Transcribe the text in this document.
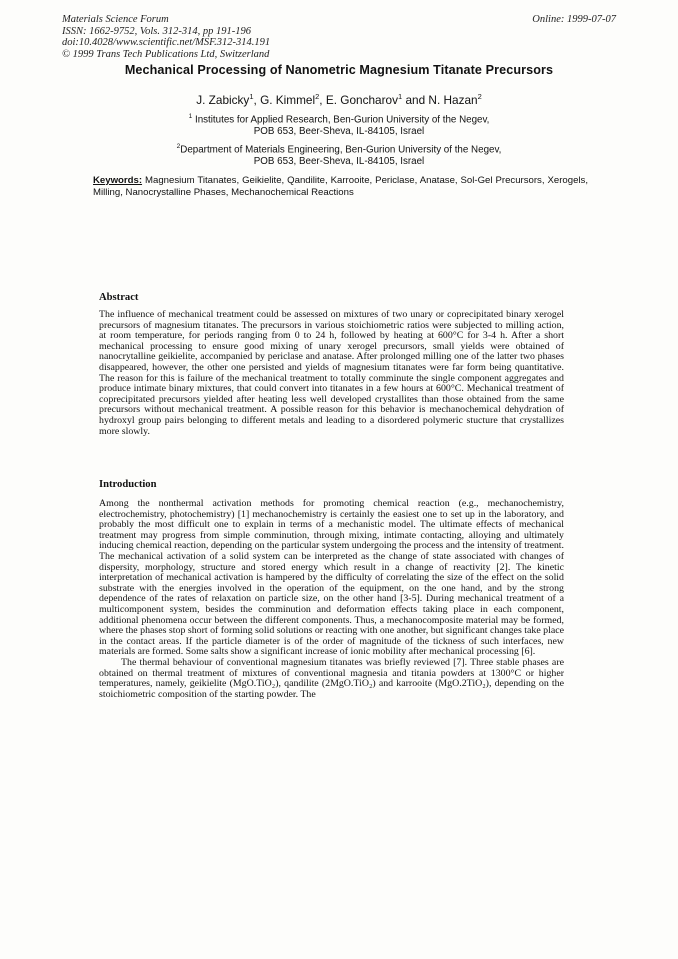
Materials Science Forum
ISSN: 1662-9752, Vols. 312-314, pp 191-196
doi:10.4028/www.scientific.net/MSF.312-314.191
© 1999 Trans Tech Publications Ltd, Switzerland
Online: 1999-07-07
Mechanical Processing of Nanometric Magnesium Titanate Precursors
J. Zabicky$^1$, G. Kimmel$^2$, E. Goncharov$^1$ and N. Hazan$^2$
$^1$ Institutes for Applied Research, Ben-Gurion University of the Negev,
POB 653, Beer-Sheva, IL-84105, Israel
$^2$Department of Materials Engineering, Ben-Gurion University of the Negev,
POB 653, Beer-Sheva, IL-84105, Israel
Keywords: Magnesium Titanates, Geikielite, Qandilite, Karrooite, Periclase, Anatase, Sol-Gel Precursors, Xerogels, Milling, Nanocrystalline Phases, Mechanochemical Reactions
Abstract

The influence of mechanical treatment could be assessed on mixtures of two unary or coprecipitated binary xerogel precursors of magnesium titanates. The precursors in various stoichiometric ratios were subjected to milling action, at room temperature, for periods ranging from 0 to 24 h, followed by heating at 600°C for 3-4 h. After a short mechanical processing to ensure good mixing of unary xerogel precursors, small yields were obtained of nanocrytalline geikielite, accompanied by periclase and anatase. After prolonged milling one of the latter two phases disappeared, however, the other one persisted and yields of magnesium titanates were far form being quantitative. The reason for this is failure of the mechanical treatment to totally comminute the single component aggregates and produce intimate binary mixtures, that could convert into titanates in a few hours at 600°C. Mechanical treatment of coprecipitated precursors yielded after heating less well developed crystallites than those obtained from the same precursors without mechanical treatment. A possible reason for this behavior is mechanochemical dehydration of hydroxyl group pairs belonging to different metals and leading to a disordered polymeric stucture that crystallizes more slowly.

Introduction

Among the nonthermal activation methods for promoting chemical reaction (e.g., mechanochemistry, electrochemistry, photochemistry) [1] mechanochemistry is certainly the easiest one to set up in the laboratory, and probably the most difficult one to explain in terms of a mechanistic model. The ultimate effects of mechanical treatment may progress from simple comminution, through mixing, intimate contacting, alloying and ultimately inducing chemical reaction, depending on the particular system undergoing the process and the intensity of treatment. The mechanical activation of a solid system can be interpreted as the change of state associated with changes of dispersity, morphology, structure and stored energy which result in a change of reactivity [2]. The kinetic interpretation of mechanical activation is hampered by the difficulty of correlating the size of the effect on the solid substrate with the energies involved in the operation of the equipment, on the one hand, and by the strong dependence of the rates of relaxation on particle size, on the other hand [3-5]. During mechanical treatment of a multicomponent system, besides the comminution and deformation effects taking place in each component, additional phenomena occur between the different components. Thus, a mechanocomposite material may be formed, where the phases stop short of forming solid solutions or reacting with one another, but significant changes take place in the contact areas. If the particle diameter is of the order of magnitude of the tickness of such interfaces, new materials are formed. Some salts show a significant increase of ionic mobility after mechanical processing [6].

The thermal behaviour of conventional magnesium titanates was briefly reviewed [7]. Three stable phases are obtained on thermal treatment of mixtures of conventional magnesia and titania powders at 1300°C or higher temperatures, namely, geikielite (MgO.TiO₂), qandilite (2MgO.TiO₂) and karrooite (MgO.2TiO₂), depending on the stoichiometric composition of the starting powder. The
